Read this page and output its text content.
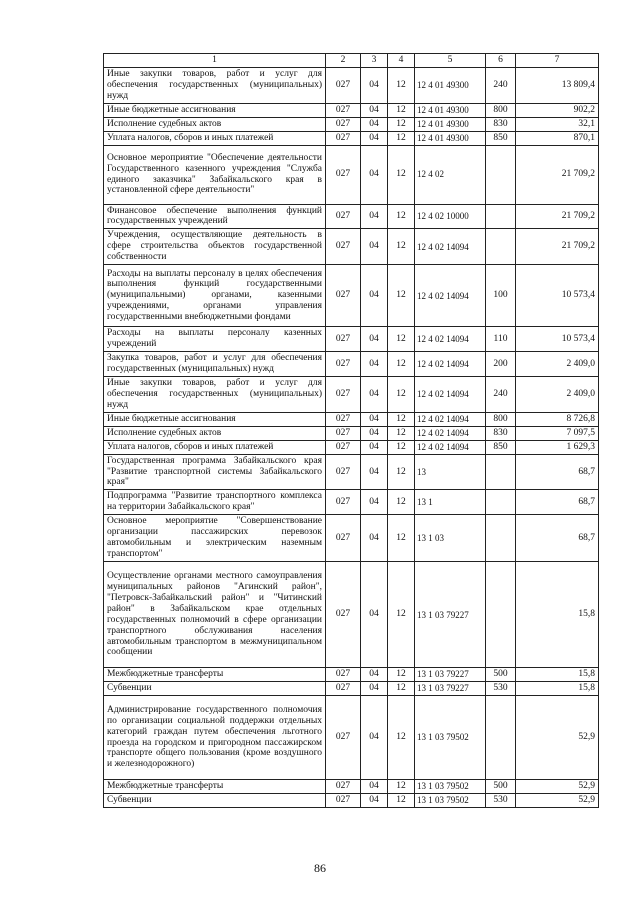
1	2	3	4	5	6	7
Иные закупки товаров, работ и услуг для обеспечения государственных (муниципальных) нужд	027	04	12	12 4 01 49300	240	13 809,4
Иные бюджетные ассигнования	027	04	12	12 4 01 49300	800	902,2
Исполнение судебных актов	027	04	12	12 4 01 49300	830	32,1
Уплата налогов, сборов и иных платежей	027	04	12	12 4 01 49300	850	870,1
Основное мероприятие "Обеспечение деятельности Государственного казенного учреждения "Служба единого заказчика" Забайкальского края в установленной сфере деятельности"	027	04	12	12 4 02		21 709,2
Финансовое обеспечение выполнения функций государственных учреждений	027	04	12	12 4 02 10000		21 709,2
Учреждения, осуществляющие деятельность в сфере строительства объектов государственной собственности	027	04	12	12 4 02 14094		21 709,2
Расходы на выплаты персоналу в целях обеспечения выполнения функций государственными (муниципальными) органами, казенными учреждениями, органами управления государственными внебюджетными фондами	027	04	12	12 4 02 14094	100	10 573,4
Расходы на выплаты персоналу казенных учреждений	027	04	12	12 4 02 14094	110	10 573,4
Закупка товаров, работ и услуг для обеспечения государственных (муниципальных) нужд	027	04	12	12 4 02 14094	200	2 409,0
Иные закупки товаров, работ и услуг для обеспечения государственных (муниципальных) нужд	027	04	12	12 4 02 14094	240	2 409,0
Иные бюджетные ассигнования	027	04	12	12 4 02 14094	800	8 726,8
Исполнение судебных актов	027	04	12	12 4 02 14094	830	7 097,5
Уплата налогов, сборов и иных платежей	027	04	12	12 4 02 14094	850	1 629,3
Государственная программа Забайкальского края "Развитие транспортной системы Забайкальского края"	027	04	12	13		68,7
Подпрограмма "Развитие транспортного комплекса на территории Забайкальского края"	027	04	12	13 1		68,7
Основное мероприятие "Совершенствование организации пассажирских перевозок автомобильным и электрическим наземным транспортом"	027	04	12	13 1 03		68,7
Осуществление органами местного самоуправления муниципальных районов "Агинский район", "Петровск-Забайкальский район" и "Читинский район" в Забайкальском крае отдельных государственных полномочий в сфере организации транспортного обслуживания населения автомобильным транспортом в межмуниципальном сообщении	027	04	12	13 1 03 79227		15,8
Межбюджетные трансферты	027	04	12	13 1 03 79227	500	15,8
Субвенции	027	04	12	13 1 03 79227	530	15,8
Администрирование государственного полномочия по организации социальной поддержки отдельных категорий граждан путем обеспечения льготного проезда на городском и пригородном пассажирском транспорте общего пользования (кроме воздушного и железнодорожного)	027	04	12	13 1 03 79502		52,9
Межбюджетные трансферты	027	04	12	13 1 03 79502	500	52,9
Субвенции	027	04	12	13 1 03 79502	530	52,9
86
